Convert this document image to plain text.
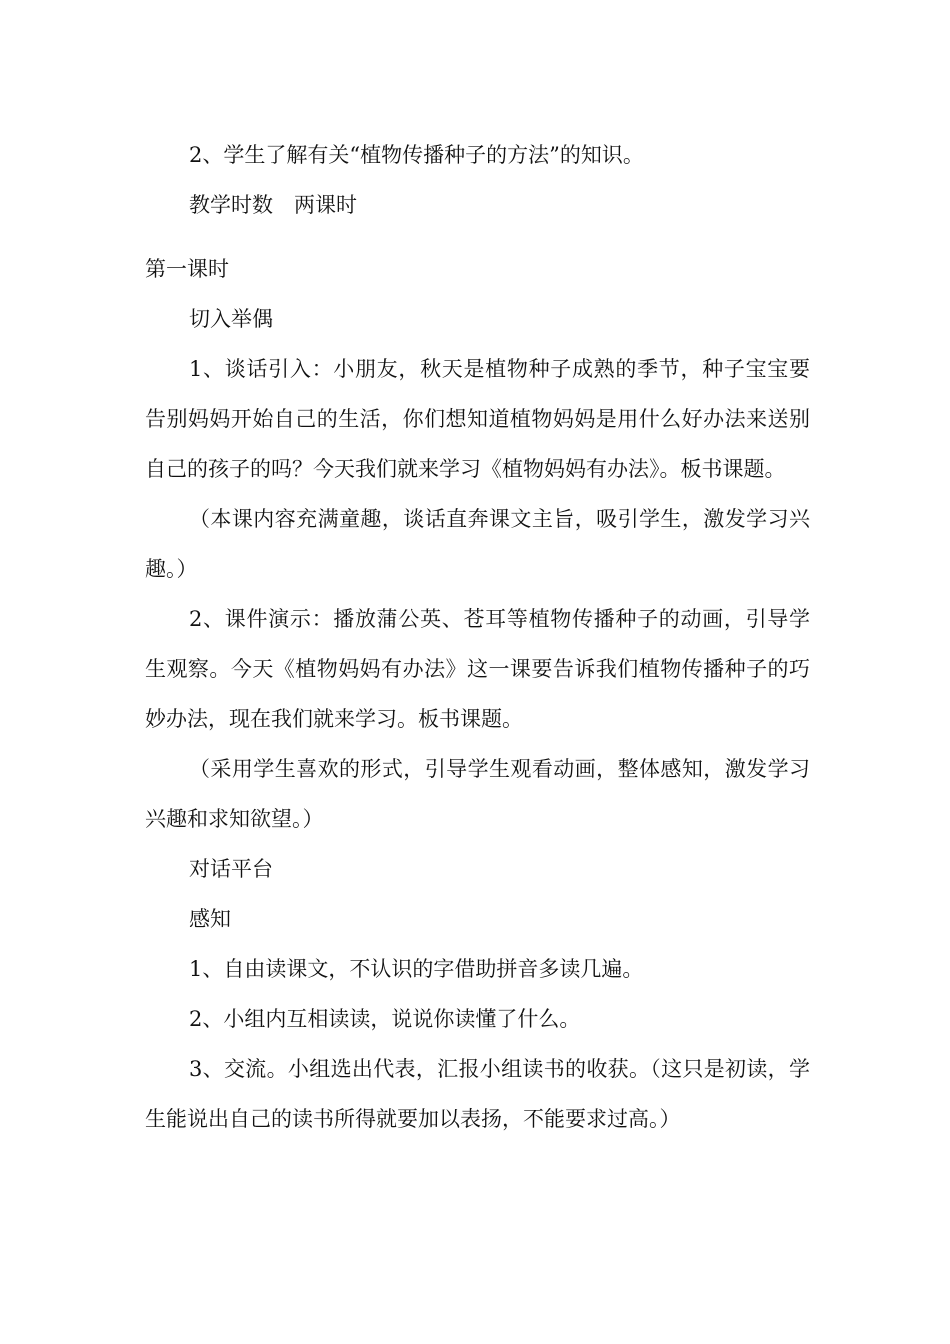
2、学生了解有关“植物传播种子的方法”的知识。

教学时数　两课时

第一课时

切入举偶

1、谈话引入：小朋友，秋天是植物种子成熟的季节，种子宝宝要告别妈妈开始自己的生活，你们想知道植物妈妈是用什么好办法来送别自己的孩子的吗？今天我们就来学习《植物妈妈有办法》。板书课题。

（本课内容充满童趣，谈话直奔课文主旨，吸引学生，激发学习兴趣。）

2、课件演示：播放蒲公英、苍耳等植物传播种子的动画，引导学生观察。今天《植物妈妈有办法》这一课要告诉我们植物传播种子的巧妙办法，现在我们就来学习。板书课题。

（采用学生喜欢的形式，引导学生观看动画，整体感知，激发学习兴趣和求知欲望。）

对话平台

感知

1、自由读课文，不认识的字借助拼音多读几遍。

2、小组内互相读读，说说你读懂了什么。

3、交流。小组选出代表，汇报小组读书的收获。（这只是初读，学生能说出自己的读书所得就要加以表扬，不能要求过高。）
